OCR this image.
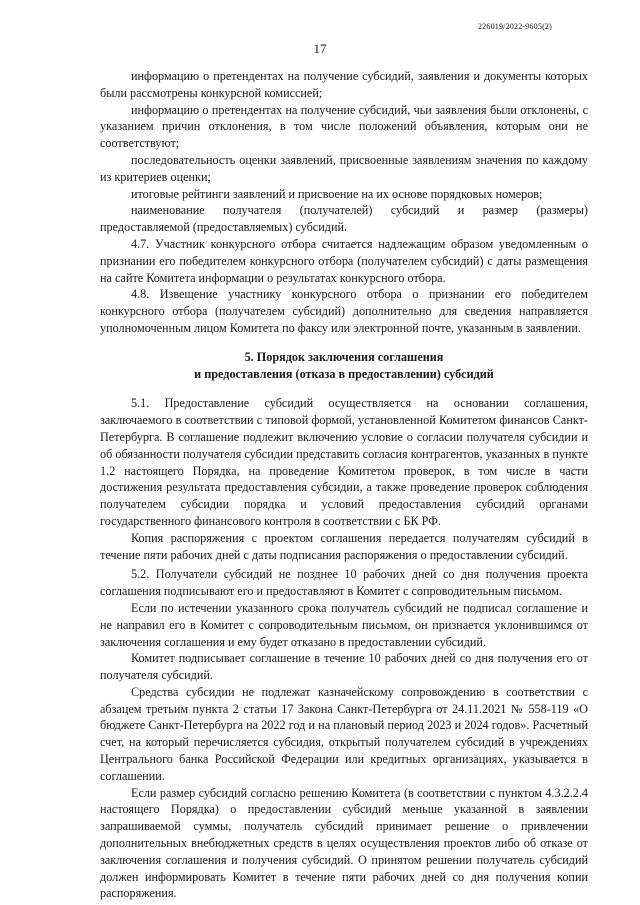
226019/2022-9605(2)
17

информацию о претендентах на получение субсидий, заявления и документы которых были рассмотрены конкурсной комиссией;

информацию о претендентах на получение субсидий, чьи заявления были отклонены, с указанием причин отклонения, в том числе положений объявления, которым они не соответствуют;

последовательность оценки заявлений, присвоенные заявлениям значения по каждому из критериев оценки;

итоговые рейтинги заявлений и присвоение на их основе порядковых номеров;

наименование получателя (получателей) субсидий и размер (размеры) предоставляемой (предоставляемых) субсидий.

4.7. Участник конкурсного отбора считается надлежащим образом уведомленным о признании его победителем конкурсного отбора (получателем субсидий) с даты размещения на сайте Комитета информации о результатах конкурсного отбора.

4.8. Извещение участнику конкурсного отбора о признании его победителем конкурсного отбора (получателем субсидий) дополнительно для сведения направляется уполномоченным лицом Комитета по факсу или электронной почте, указанным в заявлении.

5. Порядок заключения соглашения
и предоставления (отказа в предоставлении) субсидий

5.1. Предоставление субсидий осуществляется на основании соглашения, заключаемого в соответствии с типовой формой, установленной Комитетом финансов Санкт-Петербурга. В соглашение подлежит включению условие о согласии получателя субсидии и об обязанности получателя субсидии представить согласия контрагентов, указанных в пункте 1.2 настоящего Порядка, на проведение Комитетом проверок, в том числе в части достижения результата предоставления субсидии, а также проведение проверок соблюдения получателем субсидии порядка и условий предоставления субсидий органами государственного финансового контроля в соответствии с БК РФ.

Копия распоряжения с проектом соглашения передается получателям субсидий в течение пяти рабочих дней с даты подписания распоряжения о предоставлении субсидий.

5.2. Получатели субсидий не позднее 10 рабочих дней со дня получения проекта соглашения подписывают его и предоставляют в Комитет с сопроводительным письмом.

Если по истечении указанного срока получатель субсидий не подписал соглашение и не направил его в Комитет с сопроводительным письмом, он признается уклонившимся от заключения соглашения и ему будет отказано в предоставлении субсидий.

Комитет подписывает соглашение в течение 10 рабочих дней со дня получения его от получателя субсидий.

Средства субсидии не подлежат казначейскому сопровождению в соответствии с абзацем третьим пункта 2 статьи 17 Закона Санкт-Петербурга от 24.11.2021 № 558-119 «О бюджете Санкт-Петербурга на 2022 год и на плановый период 2023 и 2024 годов». Расчетный счет, на который перечисляется субсидия, открытый получателем субсидий в учреждениях Центрального банка Российской Федерации или кредитных организациях, указывается в соглашении.

Если размер субсидий согласно решению Комитета (в соответствии с пунктом 4.3.2.2.4 настоящего Порядка) о предоставлении субсидий меньше указанной в заявлении запрашиваемой суммы, получатель субсидий принимает решение о привлечении дополнительных внебюджетных средств в целях осуществления проектов либо об отказе от заключения соглашения и получения субсидий. О принятом решении получатель субсидий должен информировать Комитет в течение пяти рабочих дней со дня получения копии распоряжения.
